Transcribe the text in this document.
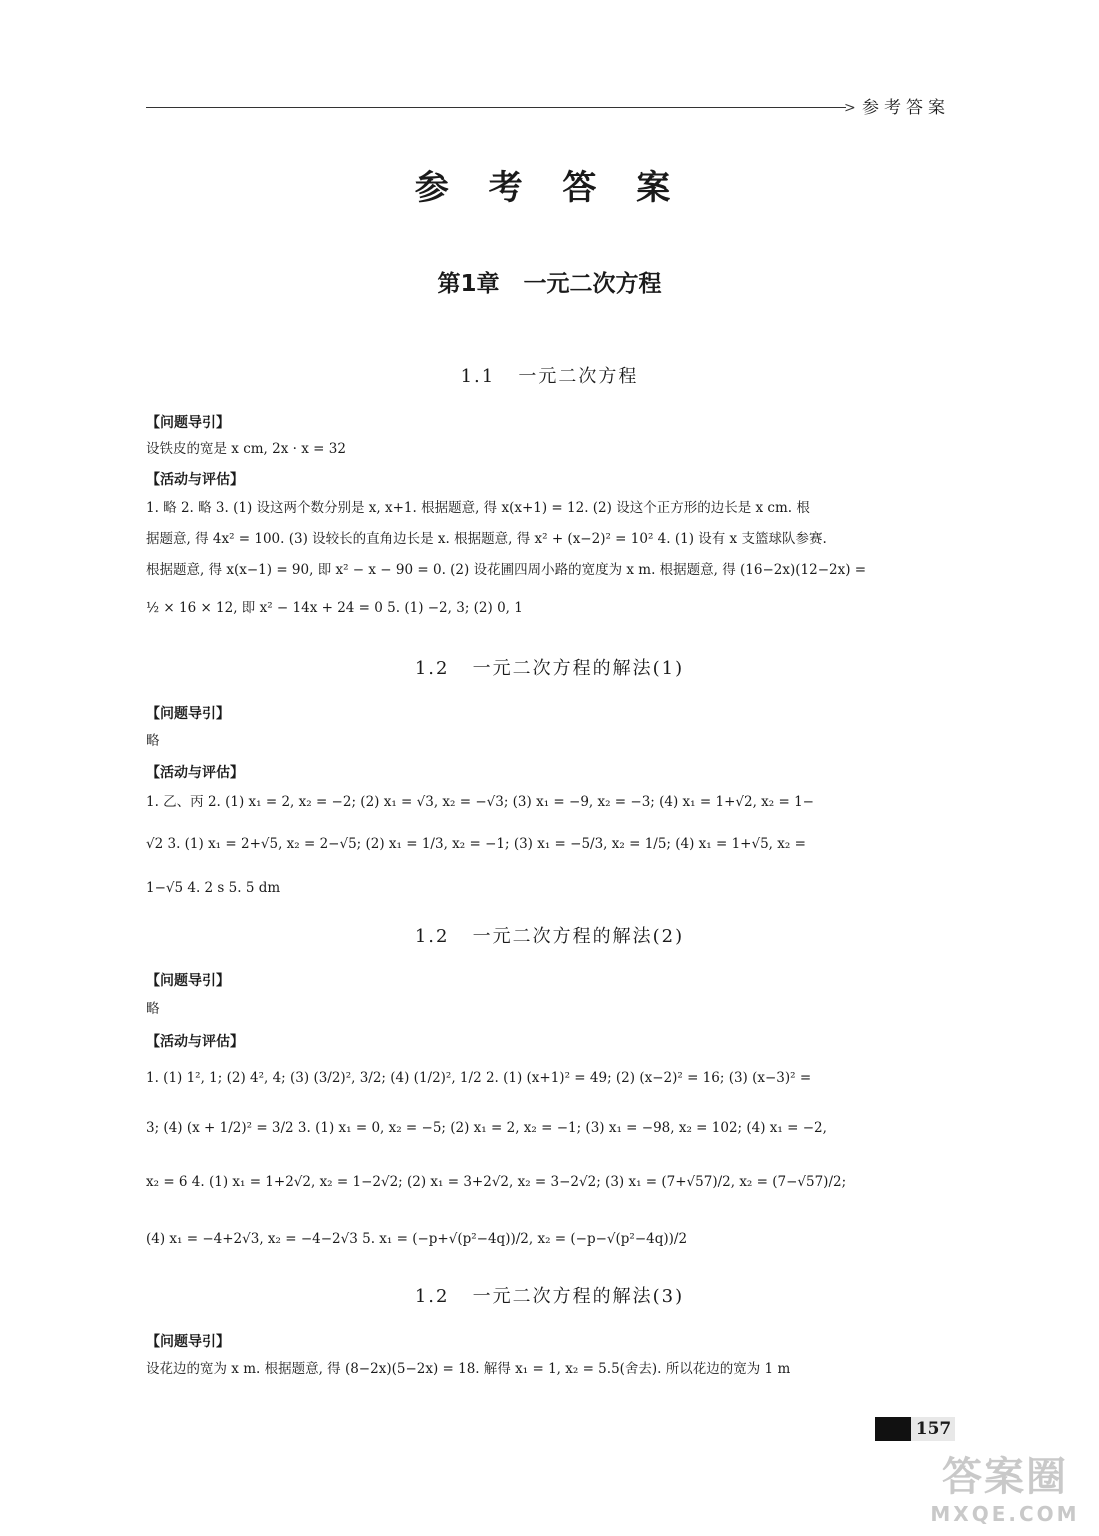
> 参考答案
参 考 答 案
第1章   一元二次方程
1.1   一元二次方程
【问题导引】
设铁皮的宽是 x cm, 2x · x = 32
【活动与评估】
1. 略 2. 略 3. (1) 设这两个数分别是 x, x+1. 根据题意, 得 x(x+1) = 12. (2) 设这个正方形的边长是 x cm. 根
据题意, 得 4x² = 100. (3) 设较长的直角边长是 x. 根据题意, 得 x² + (x−2)² = 10² 4. (1) 设有 x 支篮球队参赛.
根据题意, 得 x(x−1) = 90, 即 x² − x − 90 = 0. (2) 设花圃四周小路的宽度为 x m. 根据题意, 得 (16−2x)(12−2x) =
½ × 16 × 12, 即 x² − 14x + 24 = 0 5. (1) −2, 3; (2) 0, 1
1.2   一元二次方程的解法(1)
【问题导引】
略
【活动与评估】
1. 乙、丙 2. (1) x₁ = 2, x₂ = −2; (2) x₁ = √3, x₂ = −√3; (3) x₁ = −9, x₂ = −3; (4) x₁ = 1+√2, x₂ = 1−
√2 3. (1) x₁ = 2+√5, x₂ = 2−√5; (2) x₁ = 1/3, x₂ = −1; (3) x₁ = −5/3, x₂ = 1/5; (4) x₁ = 1+√5, x₂ =
1−√5 4. 2 s 5. 5 dm
1.2   一元二次方程的解法(2)
【问题导引】
略
【活动与评估】
1. (1) 1², 1; (2) 4², 4; (3) (3/2)², 3/2; (4) (1/2)², 1/2 2. (1) (x+1)² = 49; (2) (x−2)² = 16; (3) (x−3)² =
3; (4) (x + 1/2)² = 3/2 3. (1) x₁ = 0, x₂ = −5; (2) x₁ = 2, x₂ = −1; (3) x₁ = −98, x₂ = 102; (4) x₁ = −2,
x₂ = 6 4. (1) x₁ = 1+2√2, x₂ = 1−2√2; (2) x₁ = 3+2√2, x₂ = 3−2√2; (3) x₁ = (7+√57)/2, x₂ = (7−√57)/2;
(4) x₁ = −4+2√3, x₂ = −4−2√3 5. x₁ = (−p+√(p²−4q))/2, x₂ = (−p−√(p²−4q))/2
1.2   一元二次方程的解法(3)
【问题导引】
设花边的宽为 x m. 根据题意, 得 (8−2x)(5−2x) = 18. 解得 x₁ = 1, x₂ = 5.5(舍去). 所以花边的宽为 1 m
157
答案圈
MXQE.COM
